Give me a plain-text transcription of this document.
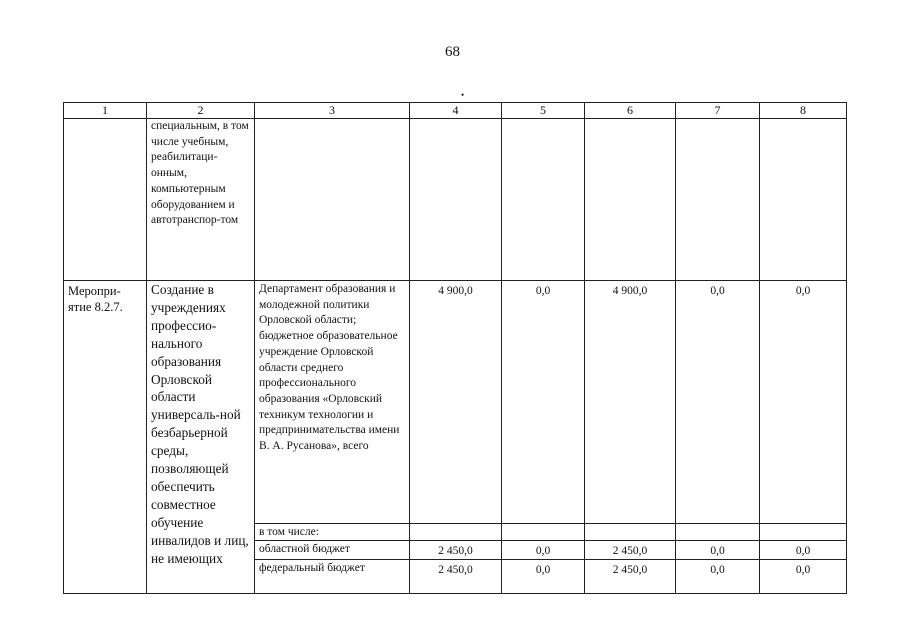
68
•
1	2	3	4	5	6	7	8
	специальным, в том числе учебным, реабилитаци-онным, компьютерным оборудованием и автотранспор-том						
Меропри-ятие 8.2.7.	Создание в учреждениях профессио-нального образования Орловской области универсаль-ной безбарьерной среды, позволяющей обеспечить совместное обучение инвалидов и лиц, не имеющих	Департамент образования и молодежной политики Орловской области; бюджетное образовательное учреждение Орловской области среднего профессионального образования «Орловский техникум технологии и предпринимательства имени В. А. Русанова», всего	4 900,0	0,0	4 900,0	0,0	0,0
		в том числе:					
		областной бюджет	2 450,0	0,0	2 450,0	0,0	0,0
		федеральный бюджет	2 450,0	0,0	2 450,0	0,0	0,0
